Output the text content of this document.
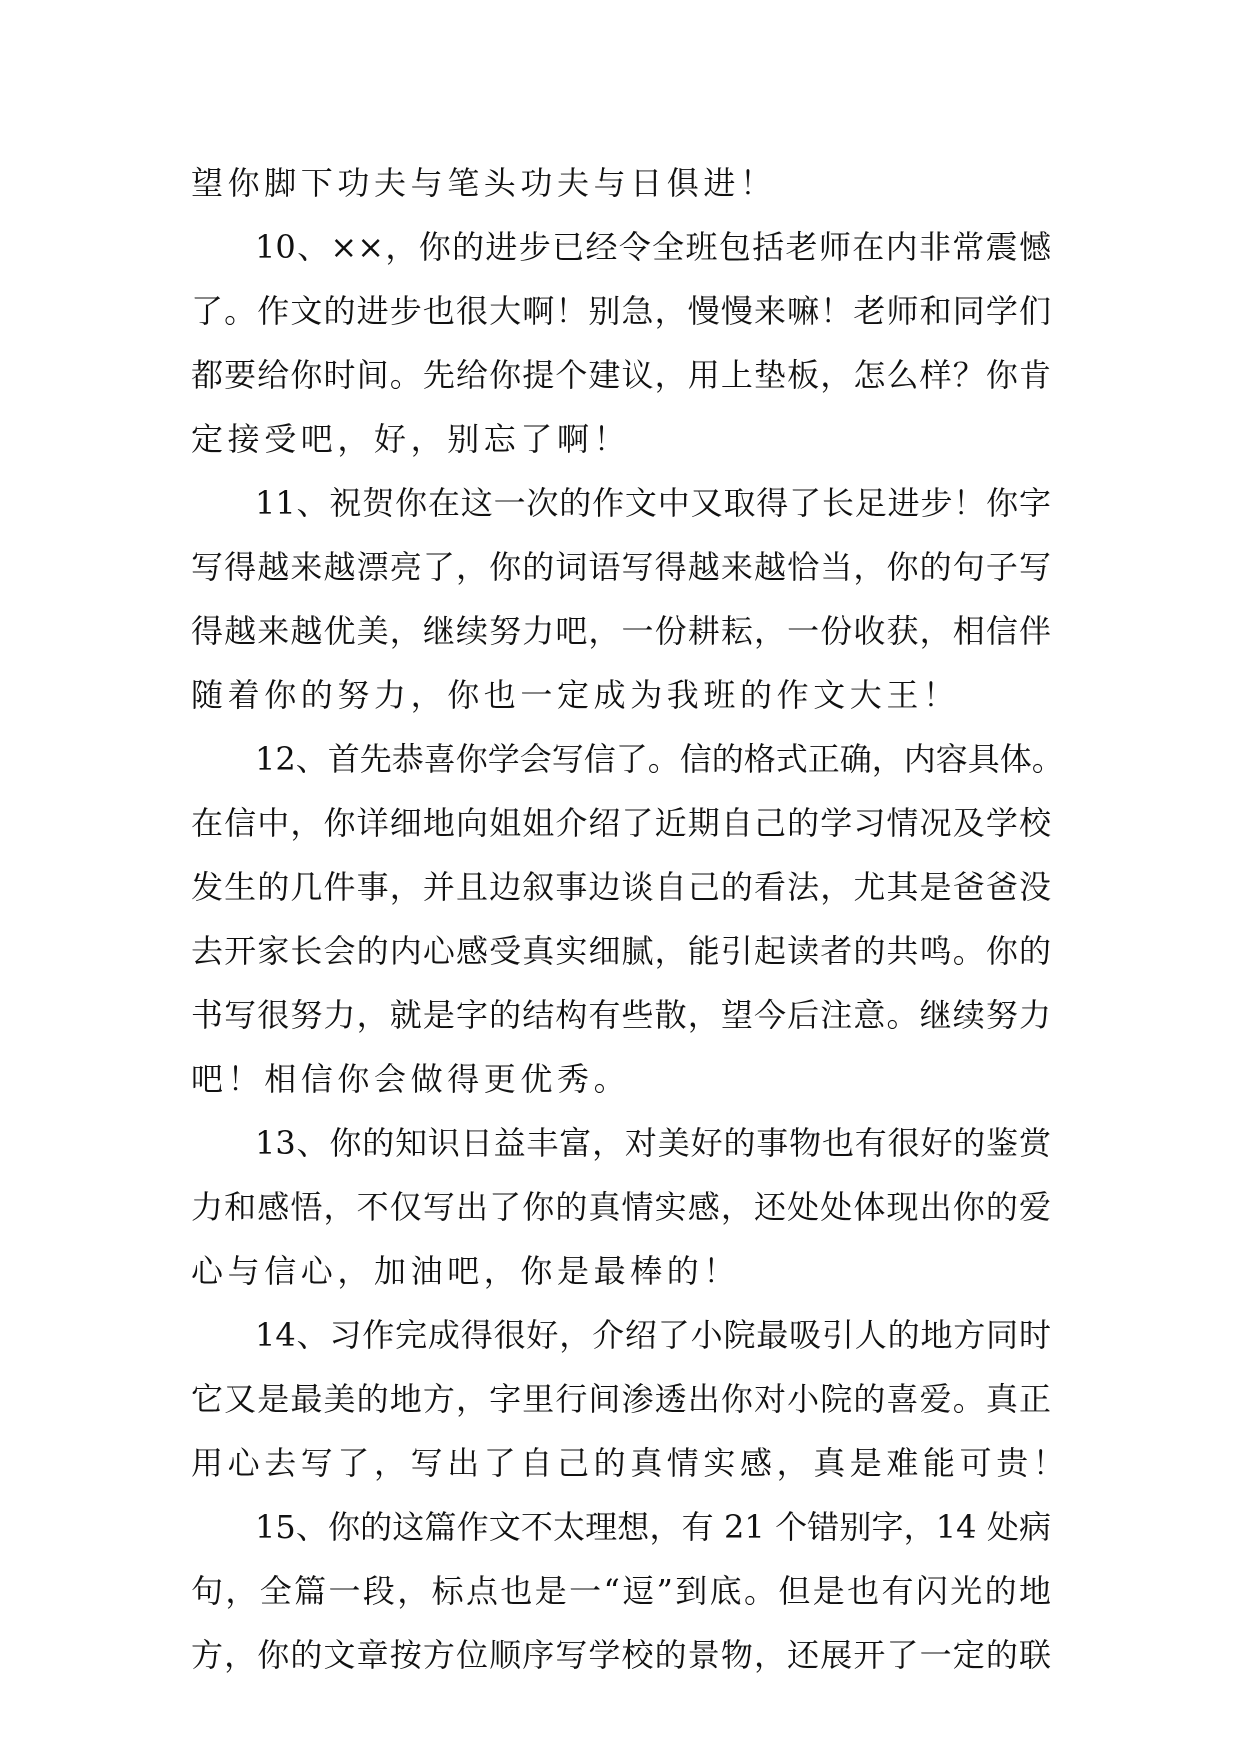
望你脚下功夫与笔头功夫与日俱进！
10、××，你的进步已经令全班包括老师在内非常震憾
了。作文的进步也很大啊！别急，慢慢来嘛！老师和同学们
都要给你时间。先给你提个建议，用上垫板，怎么样？你肯
定接受吧，好，别忘了啊！
11、祝贺你在这一次的作文中又取得了长足进步！你字
写得越来越漂亮了，你的词语写得越来越恰当，你的句子写
得越来越优美，继续努力吧，一份耕耘，一份收获，相信伴
随着你的努力，你也一定成为我班的作文大王！
12、首先恭喜你学会写信了。信的格式正确，内容具体。
在信中，你详细地向姐姐介绍了近期自己的学习情况及学校
发生的几件事，并且边叙事边谈自己的看法，尤其是爸爸没
去开家长会的内心感受真实细腻，能引起读者的共鸣。你的
书写很努力，就是字的结构有些散，望今后注意。继续努力
吧！相信你会做得更优秀。
13、你的知识日益丰富，对美好的事物也有很好的鉴赏
力和感悟，不仅写出了你的真情实感，还处处体现出你的爱
心与信心，加油吧，你是最棒的！
14、习作完成得很好，介绍了小院最吸引人的地方同时
它又是最美的地方，字里行间渗透出你对小院的喜爱。真正
用心去写了，写出了自己的真情实感，真是难能可贵！
15、你的这篇作文不太理想，有 21 个错别字，14 处病
句，全篇一段，标点也是一“逗”到底。但是也有闪光的地
方，你的文章按方位顺序写学校的景物，还展开了一定的联
